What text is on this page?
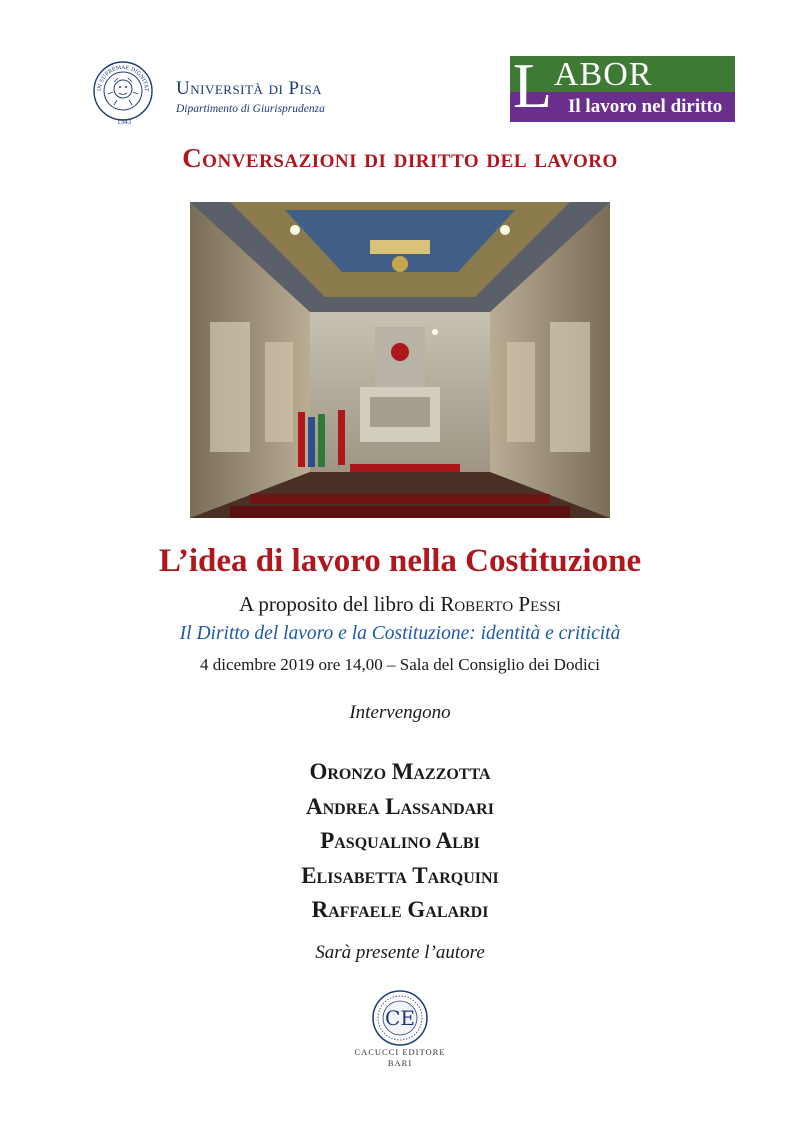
IN SUPREMAE DIGNITAT
1343
Università di Pisa
Dipartimento di Giurisprudenza	L ABOR
Il lavoro nel diritto
Conversazioni di diritto del lavoro
L’idea di lavoro nella Costituzione
A proposito del libro di Roberto Pessi
Il Diritto del lavoro e la Costituzione: identità e criticità
4 dicembre 2019 ore 14,00 – Sala del Consiglio dei Dodici
Intervengono
Oronzo Mazzotta
Andrea Lassandari
Pasqualino Albi
Elisabetta Tarquini
Raffaele Galardi
Sarà presente l’autore
CE
CACUCCI EDITORE
BARI
